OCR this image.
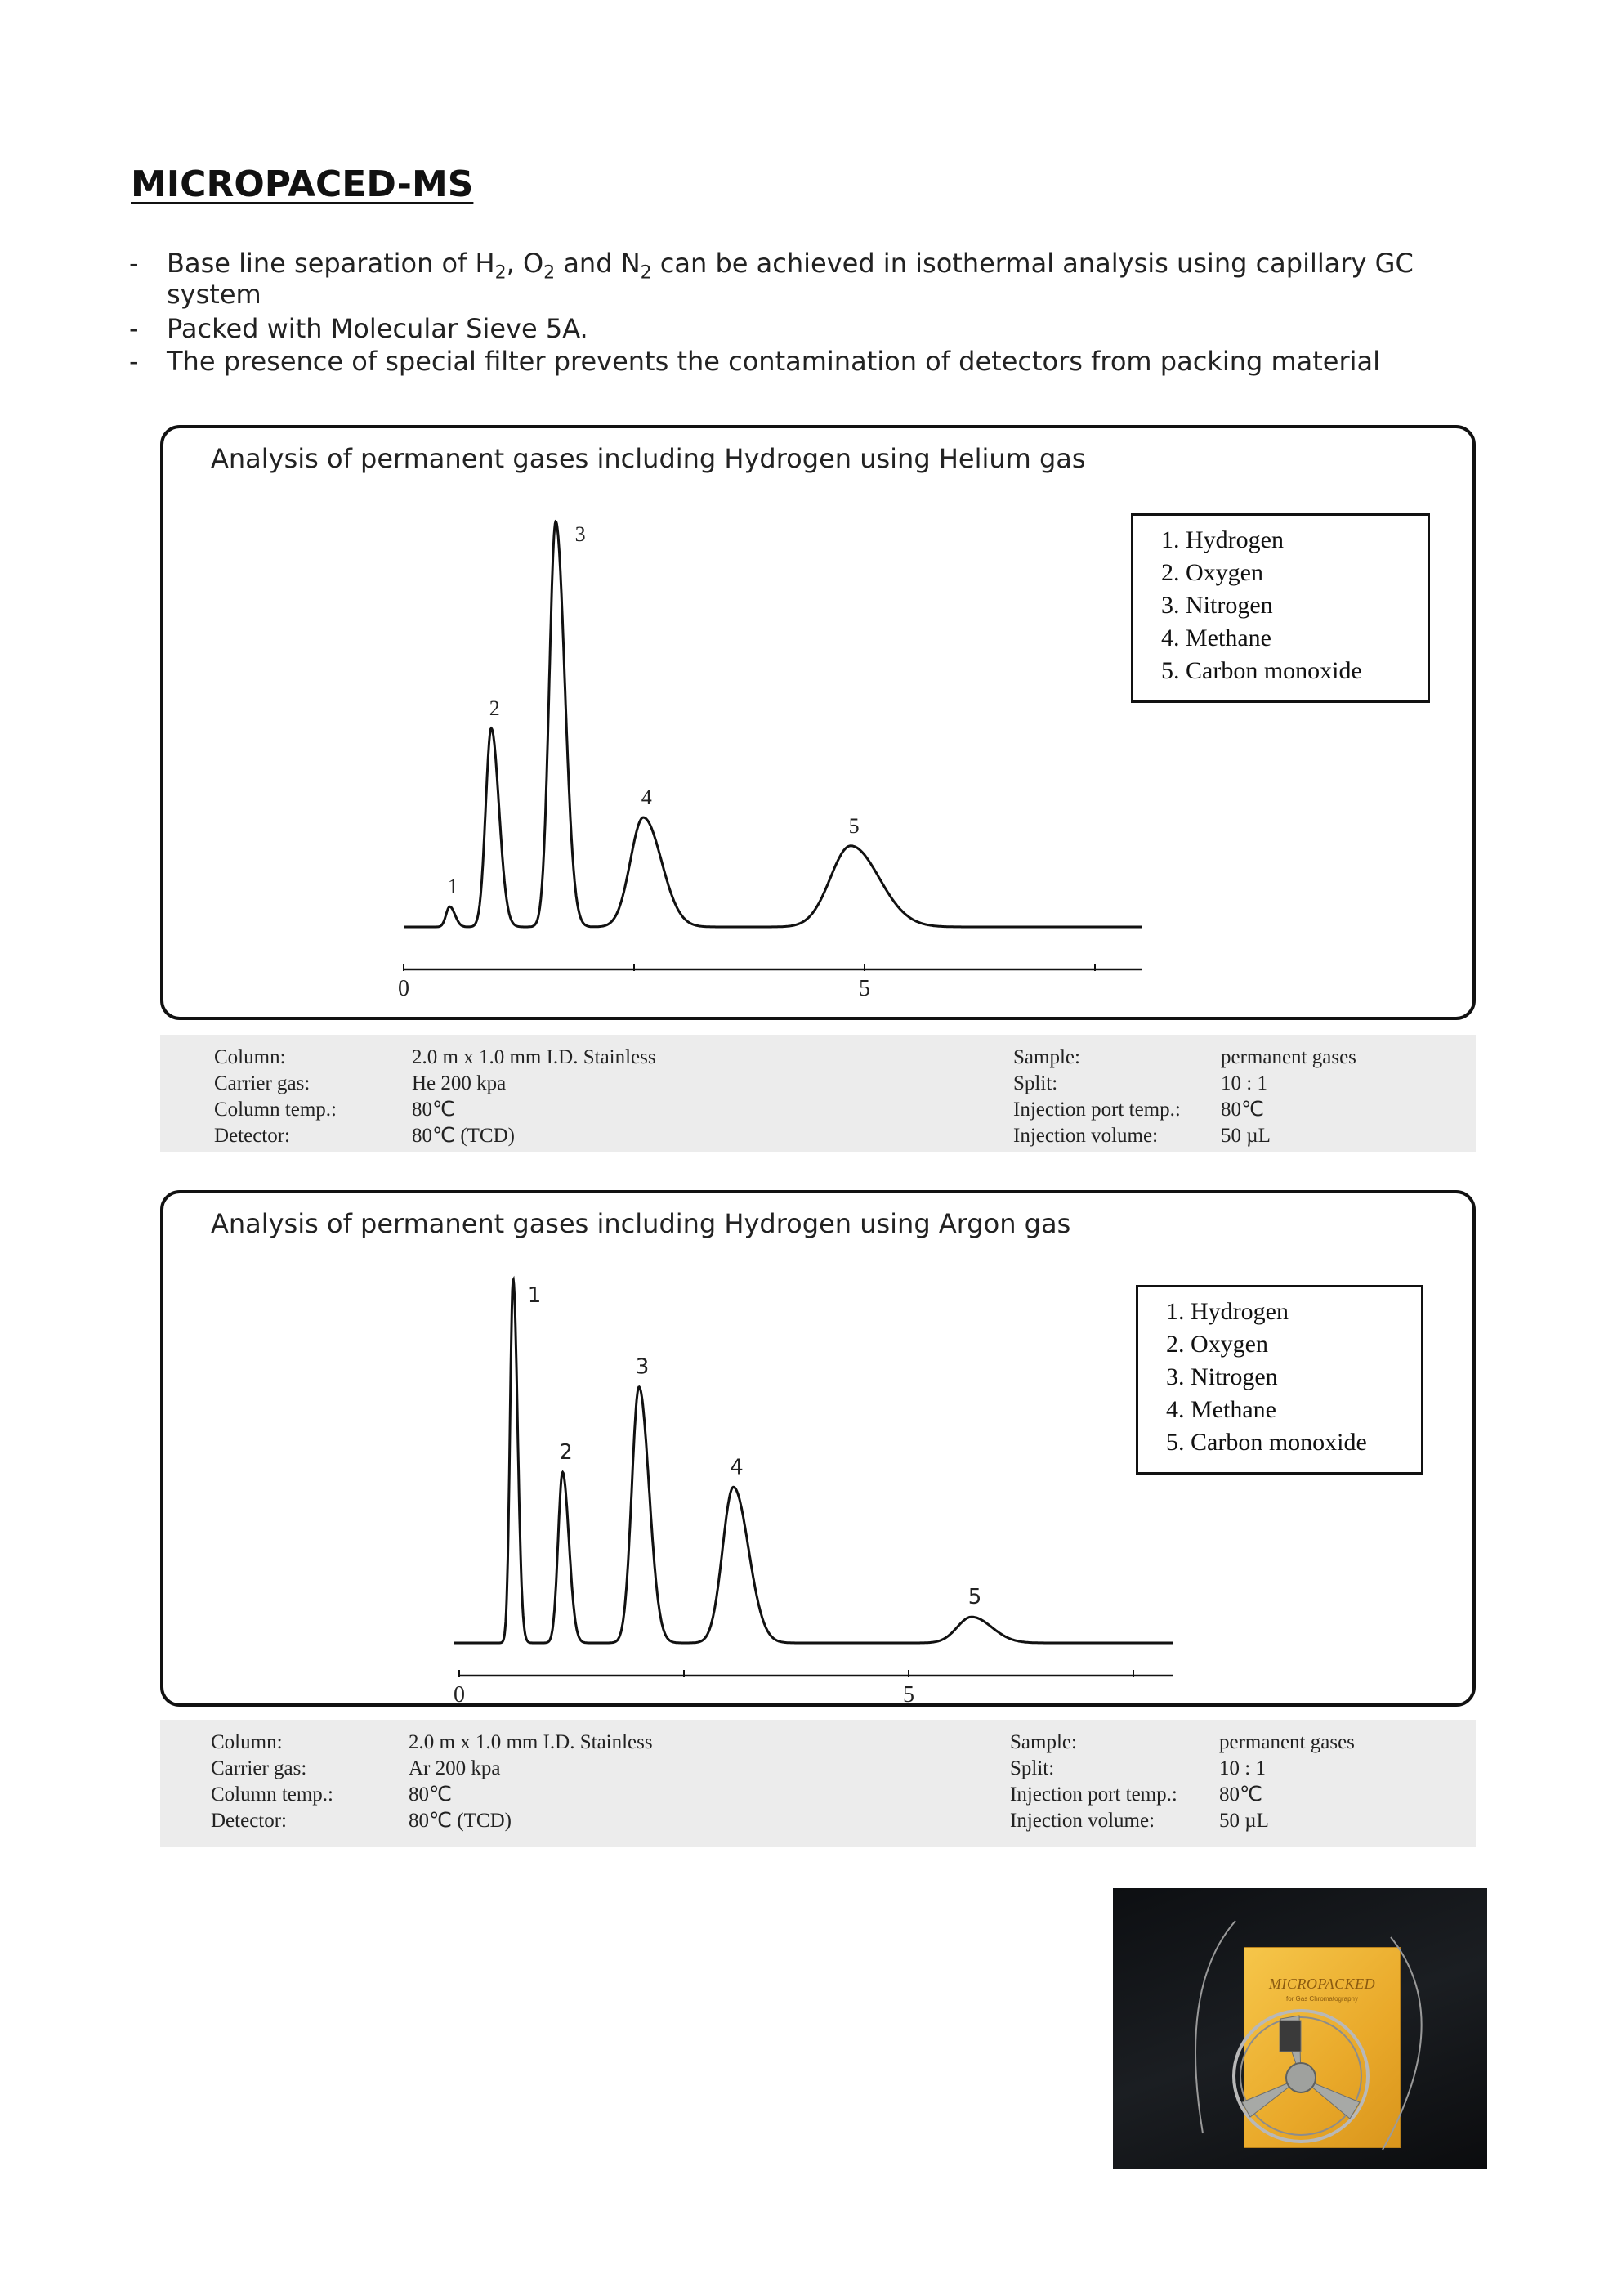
MICROPACED-MS
- Base line separation of $H_2$, $O_2$ and $N_2$ can be achieved in isothermal analysis using capillary GC
system
- Packed with Molecular Sieve 5A.
- The presence of special filter prevents the contamination of detectors from packing material
Analysis of permanent gases including Hydrogen using Helium gas
1
2
3
4
5
0	5
1. Hydrogen
2. Oxygen
3. Nitrogen
4. Methane
5. Carbon monoxide
Column:
Carrier gas:
Column temp.:
Detector:
2.0 m x 1.0 mm I.D. Stainless
He 200 kpa
80℃
80℃ (TCD)
Sample:
Split:
Injection port temp.:
Injection volume:
permanent gases
10 : 1
80℃
50 µL
Analysis of permanent gases including Hydrogen using Argon gas
1
2
3
4
5
0	5
1. Hydrogen
2. Oxygen
3. Nitrogen
4. Methane
5. Carbon monoxide
Column:
Carrier gas:
Column temp.:
Detector:
2.0 m x 1.0 mm I.D. Stainless
Ar 200 kpa
80℃
80℃ (TCD)
Sample:
Split:
Injection port temp.:
Injection volume:
permanent gases
10 : 1
80℃
50 µL
MICROPACKED
for Gas Chromatography
